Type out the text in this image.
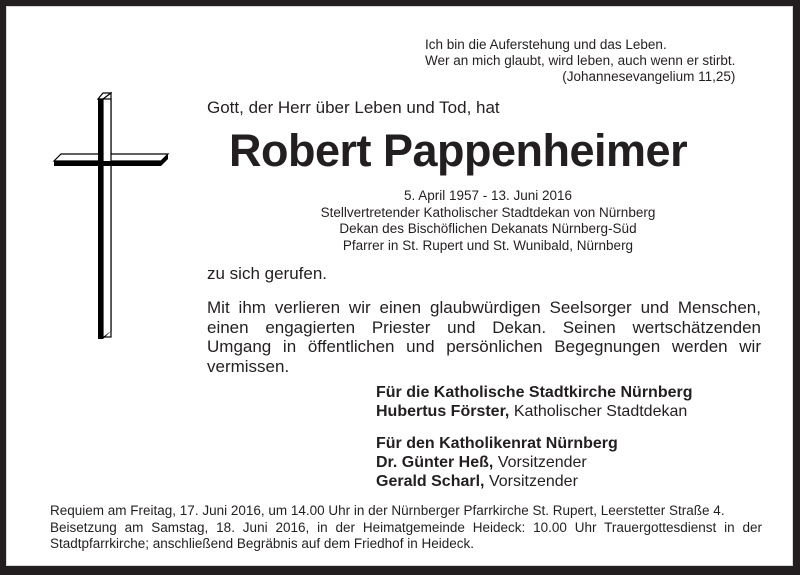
Ich bin die Auferstehung und das Leben.
Wer an mich glaubt, wird leben, auch wenn er stirbt.
(Johannesevangelium 11,25)
Gott, der Herr über Leben und Tod, hat
Robert Pappenheimer
5. April 1957 - 13. Juni 2016
Stellvertretender Katholischer Stadtdekan von Nürnberg
Dekan des Bischöflichen Dekanats Nürnberg-Süd
Pfarrer in St. Rupert und St. Wunibald, Nürnberg
zu sich gerufen.
Mit ihm verlieren wir einen glaubwürdigen Seelsorger und Menschen,
einen engagierten Priester und Dekan. Seinen wertschätzenden
Umgang in öffentlichen und persönlichen Begegnungen werden wir
vermissen.
Für die Katholische Stadtkirche Nürnberg
Hubertus Förster, Katholischer Stadtdekan
Für den Katholikenrat Nürnberg
Dr. Günter Heß, Vorsitzender
Gerald Scharl, Vorsitzender
Requiem am Freitag, 17. Juni 2016, um 14.00 Uhr in der Nürnberger Pfarrkirche St. Rupert, Leerstetter Straße 4.
Beisetzung am Samstag, 18. Juni 2016, in der Heimatgemeinde Heideck: 10.00 Uhr Trauergottesdienst in der
Stadtpfarrkirche; anschließend Begräbnis auf dem Friedhof in Heideck.
